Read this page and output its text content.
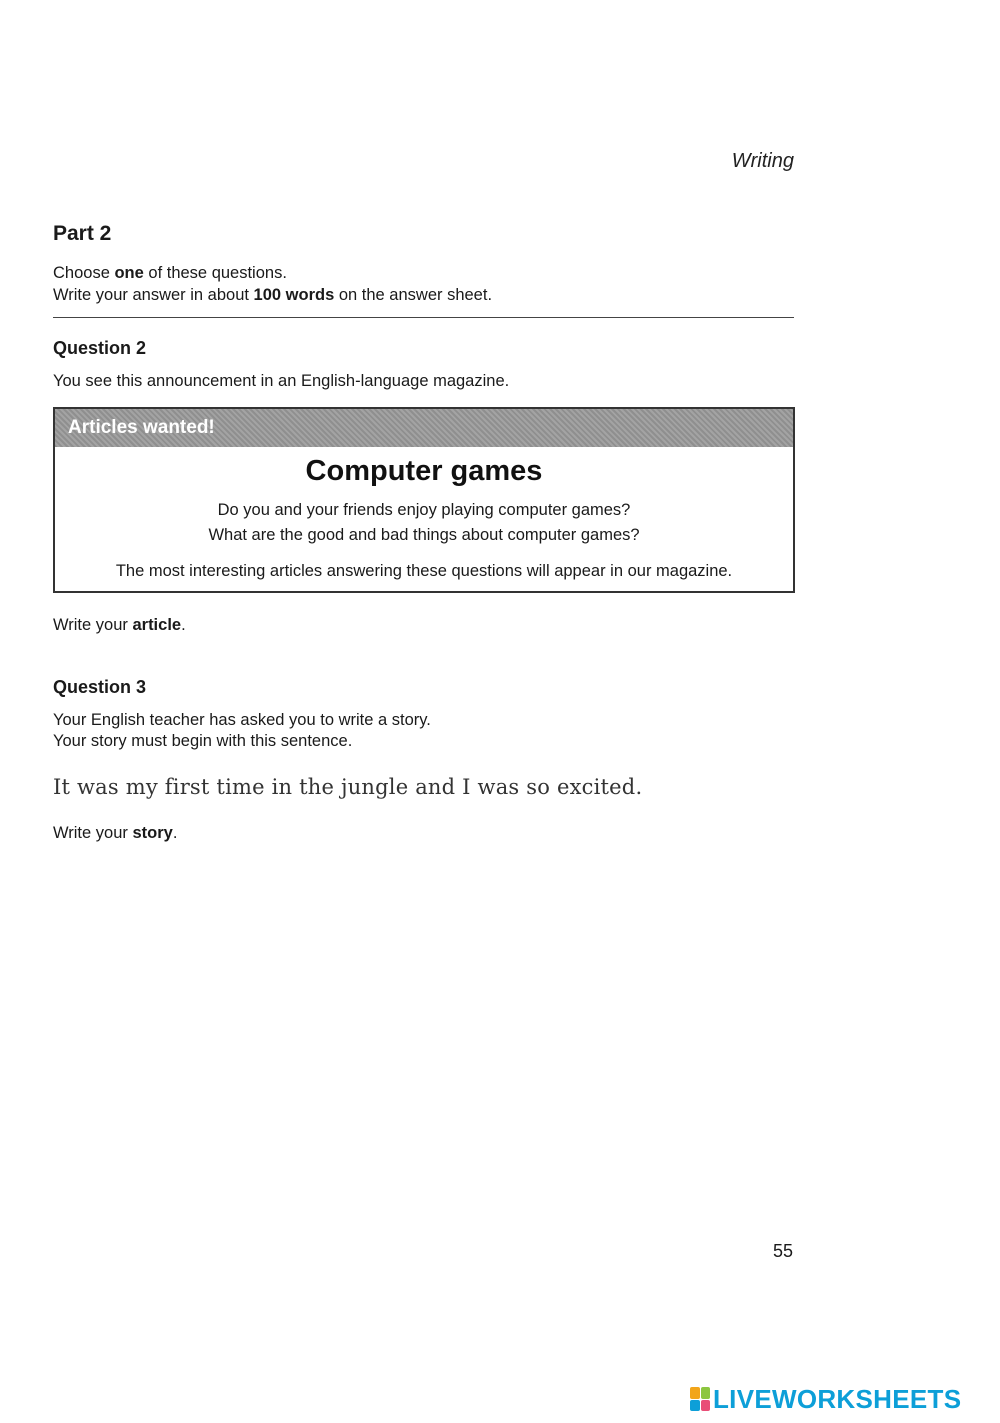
Writing
Part 2
Choose one of these questions.
Write your answer in about 100 words on the answer sheet.
Question 2
You see this announcement in an English-language magazine.
Articles wanted!
Computer games
Do you and your friends enjoy playing computer games?
What are the good and bad things about computer games?
The most interesting articles answering these questions will appear in our magazine.
Write your article.
Question 3
Your English teacher has asked you to write a story.
Your story must begin with this sentence.
It was my first time in the jungle and I was so excited.
Write your story.
55
LIVEWORKSHEETS
